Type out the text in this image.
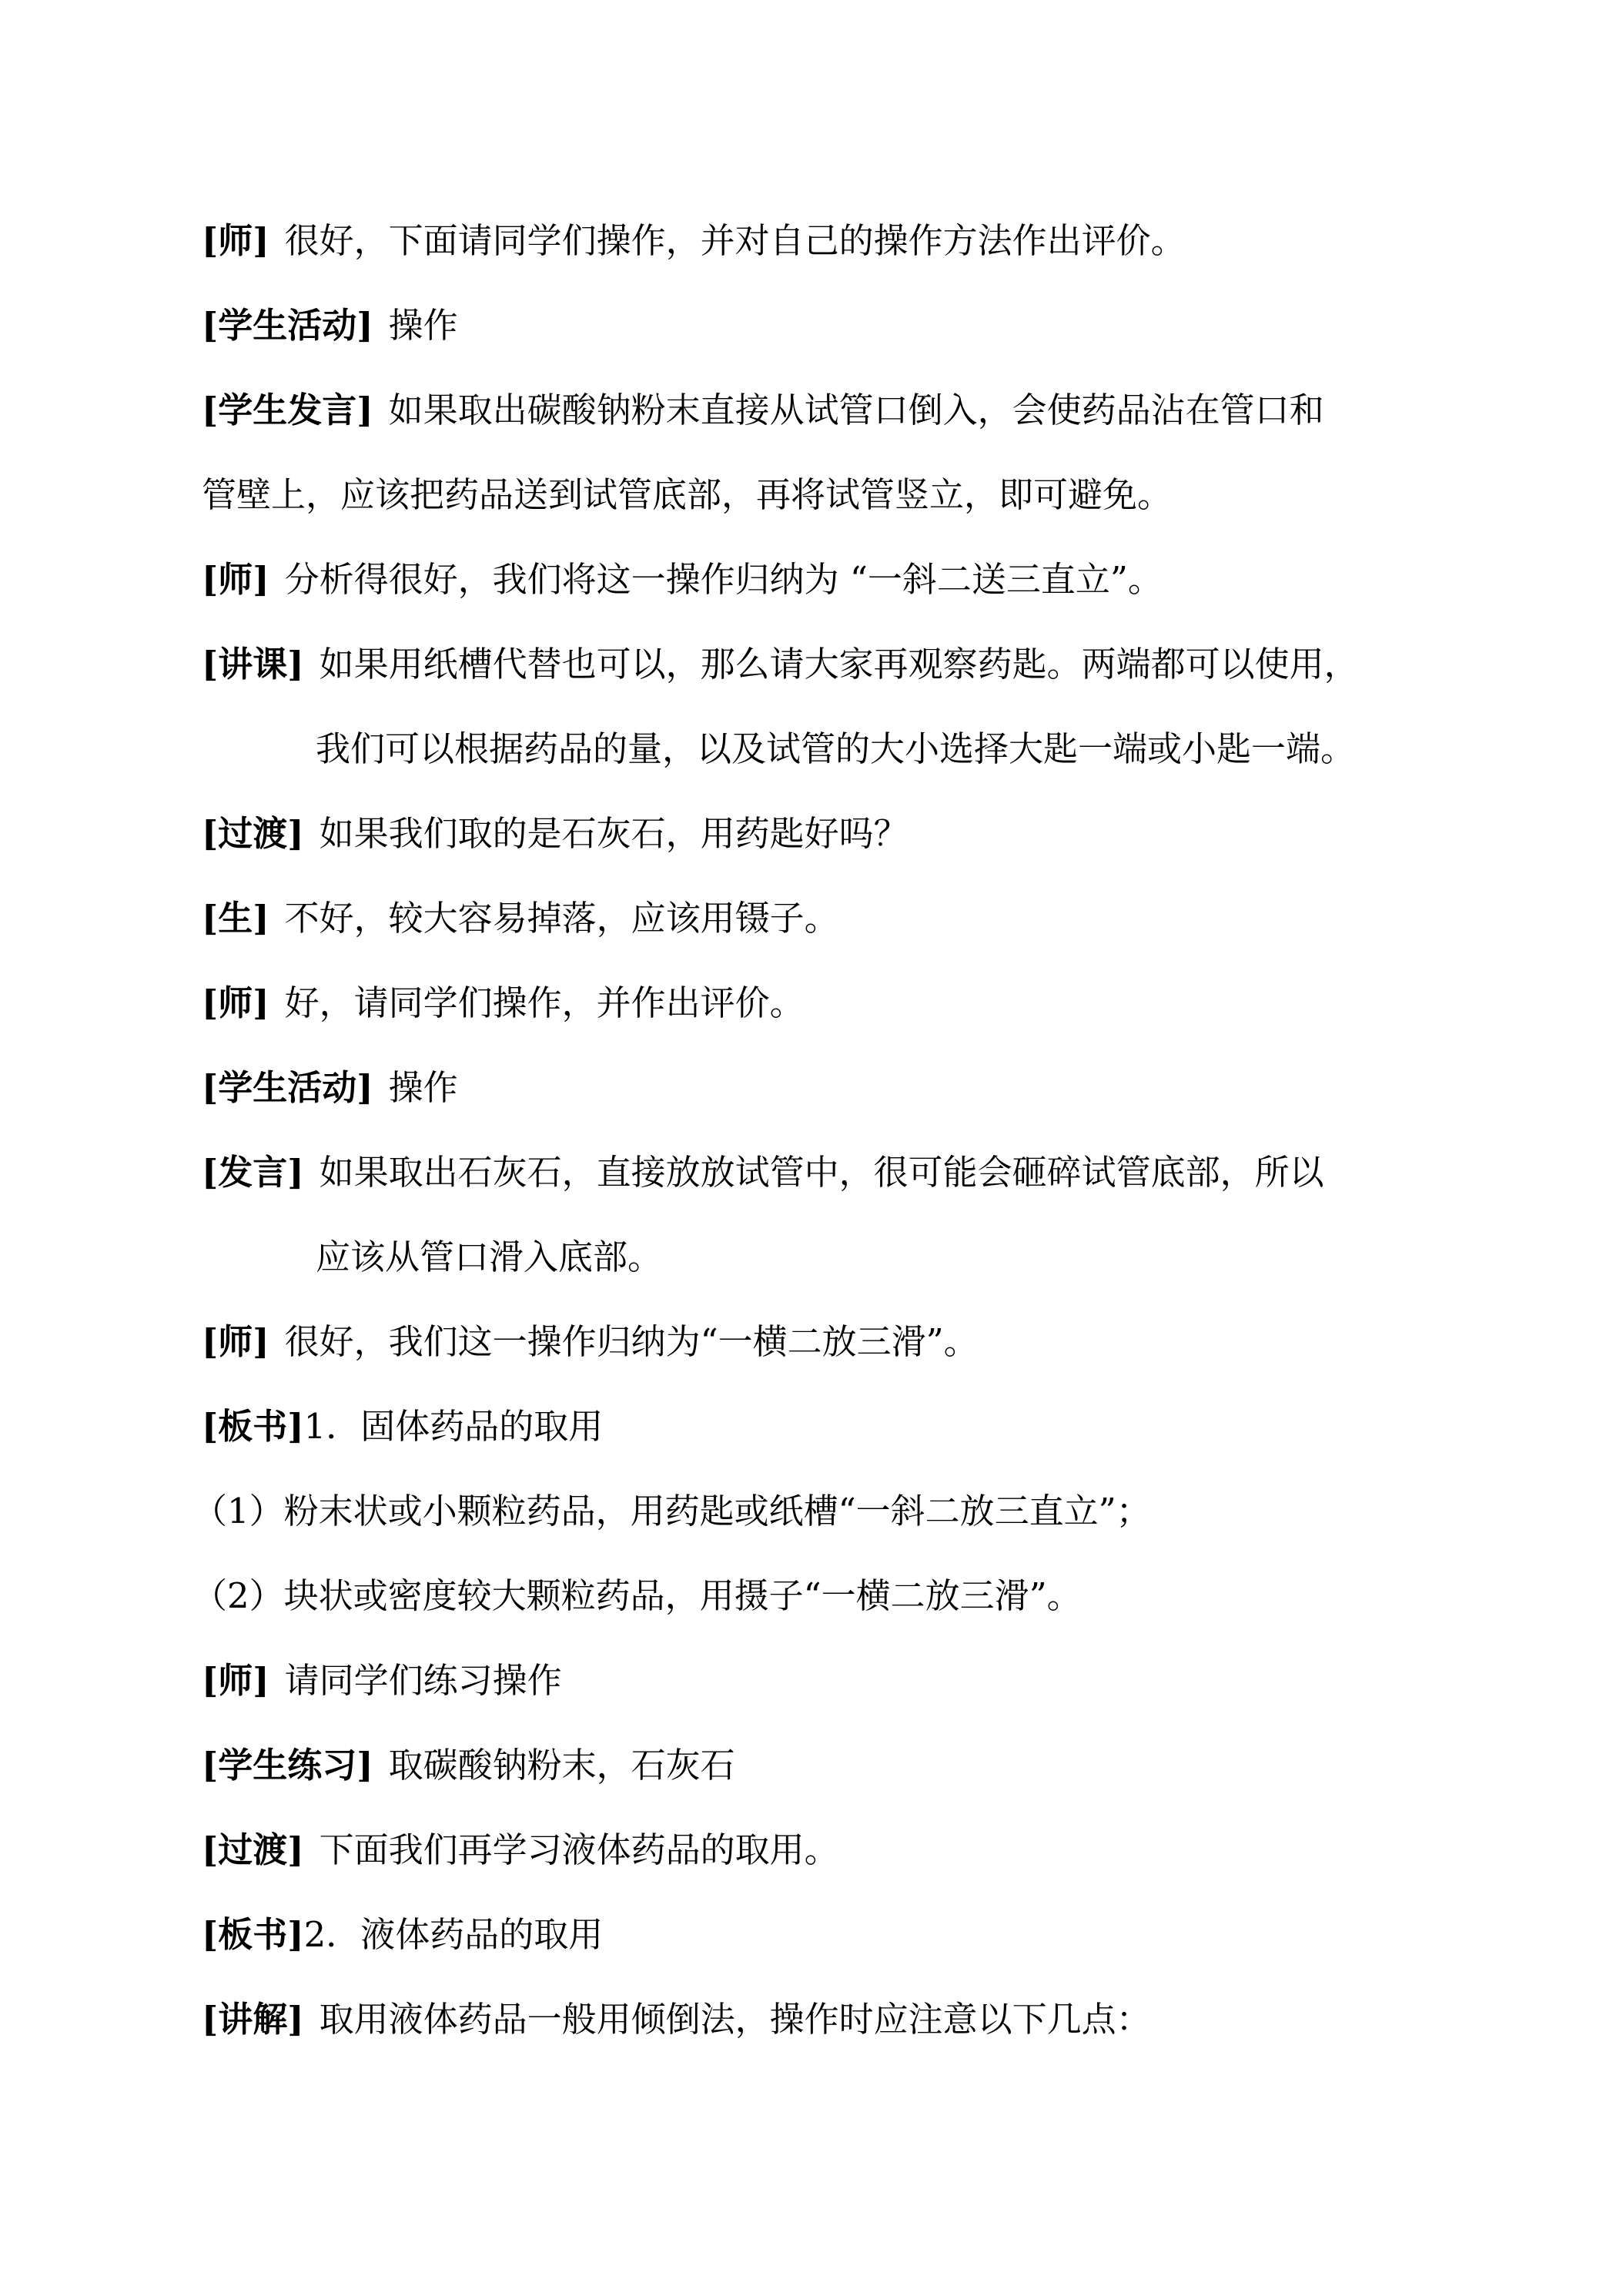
[师] 很好，下面请同学们操作，并对自己的操作方法作出评价。
[学生活动] 操作
[学生发言] 如果取出碳酸钠粉末直接从试管口倒入，会使药品沾在管口和
管壁上，应该把药品送到试管底部，再将试管竖立，即可避免。
[师] 分析得很好，我们将这一操作归纳为 “一斜二送三直立”。
[讲课] 如果用纸槽代替也可以，那么请大家再观察药匙。两端都可以使用，
我们可以根据药品的量，以及试管的大小选择大匙一端或小匙一端。
[过渡] 如果我们取的是石灰石，用药匙好吗？
[生] 不好，较大容易掉落，应该用镊子。
[师] 好，请同学们操作，并作出评价。
[学生活动] 操作
[发言] 如果取出石灰石，直接放放试管中，很可能会砸碎试管底部，所以
应该从管口滑入底部。
[师] 很好，我们这一操作归纳为“一横二放三滑”。
[板书]1．固体药品的取用
（1）粉末状或小颗粒药品，用药匙或纸槽“一斜二放三直立”；
（2）块状或密度较大颗粒药品，用摄子“一横二放三滑”。
[师] 请同学们练习操作
[学生练习] 取碳酸钠粉末，石灰石
[过渡] 下面我们再学习液体药品的取用。
[板书]2．液体药品的取用
[讲解] 取用液体药品一般用倾倒法，操作时应注意以下几点：
